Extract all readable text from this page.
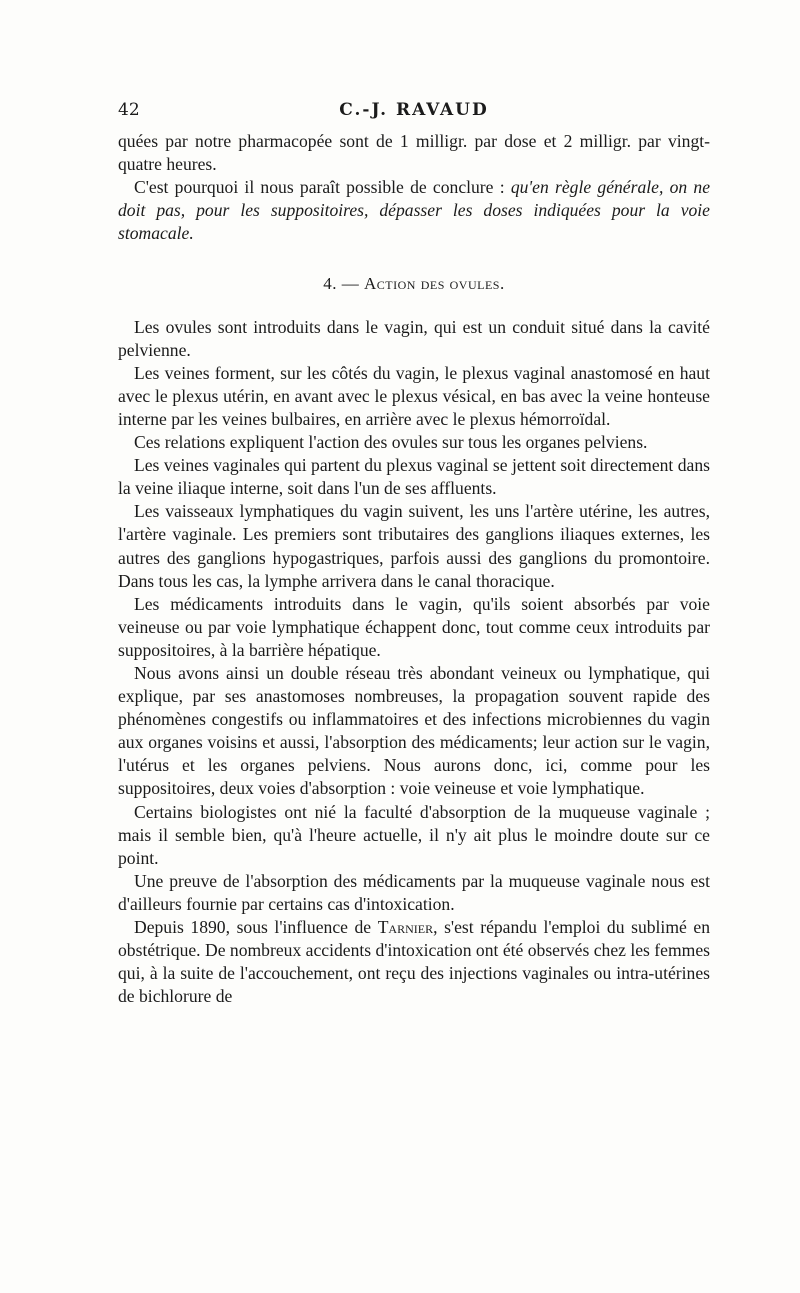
42	C.-J. RAVAUD

quées par notre pharmacopée sont de 1 milligr. par dose et 2 milligr. par vingt-quatre heures.

C'est pourquoi il nous paraît possible de conclure : qu'en règle générale, on ne doit pas, pour les suppositoires, dépasser les doses indiquées pour la voie stomacale.

4. — Action des ovules.

Les ovules sont introduits dans le vagin, qui est un conduit situé dans la cavité pelvienne.

Les veines forment, sur les côtés du vagin, le plexus vaginal anastomosé en haut avec le plexus utérin, en avant avec le plexus vésical, en bas avec la veine honteuse interne par les veines bulbaires, en arrière avec le plexus hémorroïdal.

Ces relations expliquent l'action des ovules sur tous les organes pelviens.

Les veines vaginales qui partent du plexus vaginal se jettent soit directement dans la veine iliaque interne, soit dans l'un de ses affluents.

Les vaisseaux lymphatiques du vagin suivent, les uns l'artère utérine, les autres, l'artère vaginale. Les premiers sont tributaires des ganglions iliaques externes, les autres des ganglions hypogastriques, parfois aussi des ganglions du promontoire. Dans tous les cas, la lymphe arrivera dans le canal thoracique.

Les médicaments introduits dans le vagin, qu'ils soient absorbés par voie veineuse ou par voie lymphatique échappent donc, tout comme ceux introduits par suppositoires, à la barrière hépatique.

Nous avons ainsi un double réseau très abondant veineux ou lymphatique, qui explique, par ses anastomoses nombreuses, la propagation souvent rapide des phénomènes congestifs ou inflammatoires et des infections microbiennes du vagin aux organes voisins et aussi, l'absorption des médicaments; leur action sur le vagin, l'utérus et les organes pelviens. Nous aurons donc, ici, comme pour les suppositoires, deux voies d'absorption : voie veineuse et voie lymphatique.

Certains biologistes ont nié la faculté d'absorption de la muqueuse vaginale ; mais il semble bien, qu'à l'heure actuelle, il n'y ait plus le moindre doute sur ce point.

Une preuve de l'absorption des médicaments par la muqueuse vaginale nous est d'ailleurs fournie par certains cas d'intoxication.

Depuis 1890, sous l'influence de Tarnier, s'est répandu l'emploi du sublimé en obstétrique. De nombreux accidents d'intoxication ont été observés chez les femmes qui, à la suite de l'accouchement, ont reçu des injections vaginales ou intra-utérines de bichlorure de
